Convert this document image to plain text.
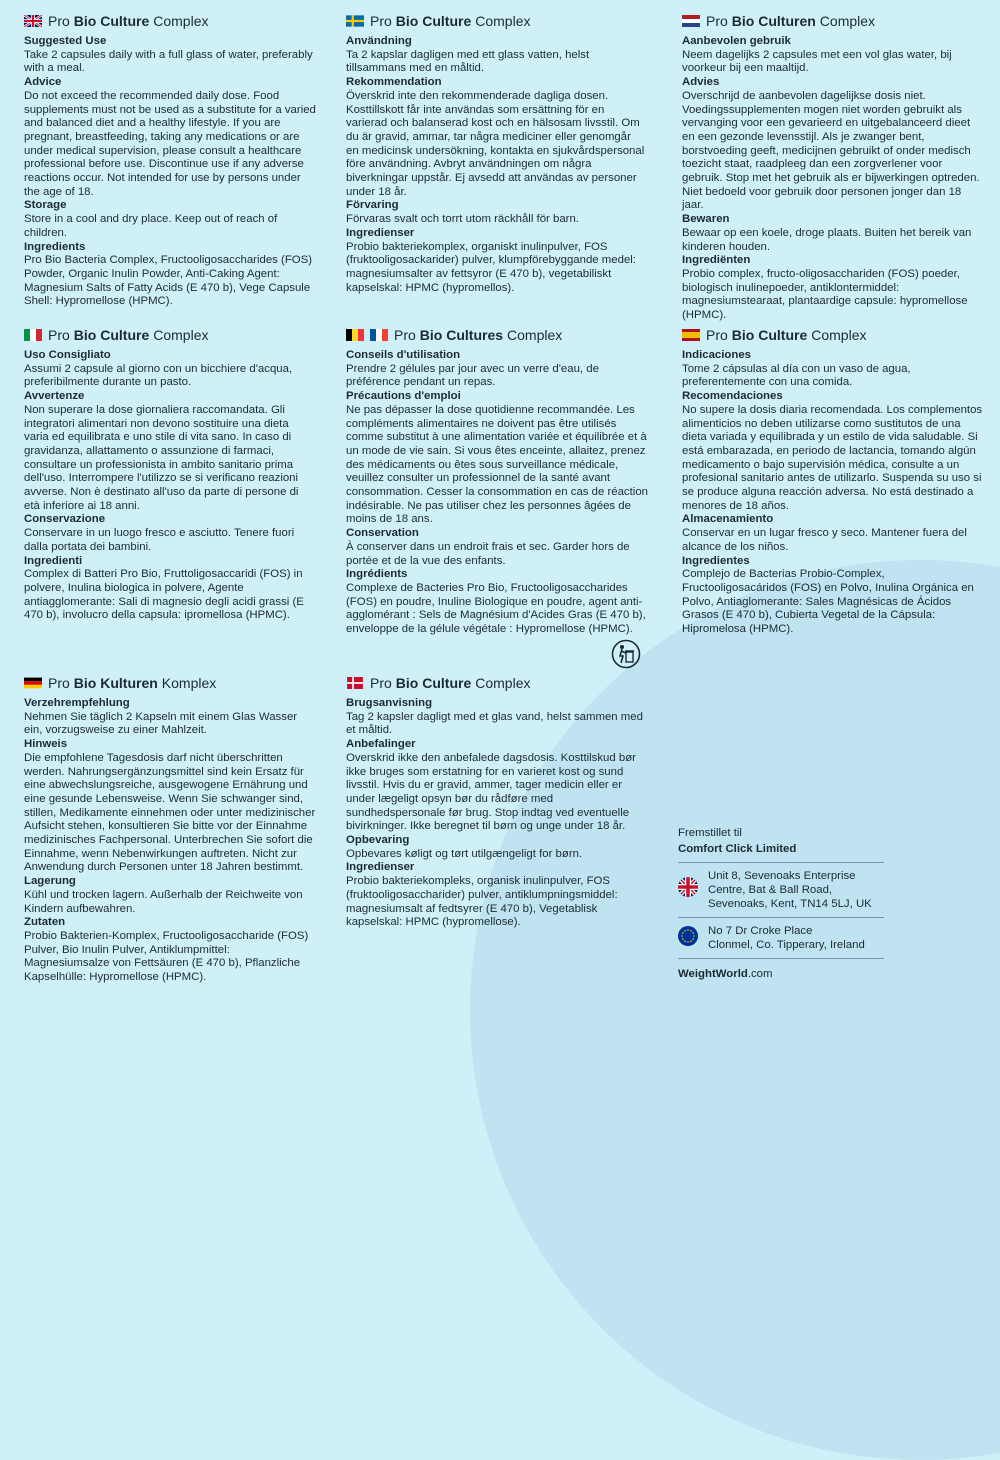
Pro Bio Culture Complex
Suggested Use

Take 2 capsules daily with a full glass of water, preferably with a meal.

Advice

Do not exceed the recommended daily dose. Food supplements must not be used as a substitute for a varied and balanced diet and a healthy lifestyle. If you are pregnant, breastfeeding, taking any medications or are under medical supervision, please consult a healthcare professional before use. Discontinue use if any adverse reactions occur. Not intended for use by persons under the age of 18.

Storage

Store in a cool and dry place. Keep out of reach of children.

Ingredients

Pro Bio Bacteria Complex, Fructooligosaccharides (FOS) Powder, Organic Inulin Powder, Anti-Caking Agent: Magnesium Salts of Fatty Acids (E 470 b), Vege Capsule Shell: Hypromellose (HPMC).

Pro Bio Culture Complex
Användning

Ta 2 kapslar dagligen med ett glass vatten, helst tillsammans med en måltid.

Rekommendation

Överskrid inte den rekommenderade dagliga dosen. Kosttillskott får inte användas som ersättning för en varierad och balanserad kost och en hälsosam livsstil. Om du är gravid, ammar, tar några mediciner eller genomgår en medicinsk undersökning, kontakta en sjukvårdspersonal före användning. Avbryt användningen om några biverkningar uppstår. Ej avsedd att användas av personer under 18 år.

Förvaring

Förvaras svalt och torrt utom räckhåll för barn.

Ingredienser

Probio bakteriekomplex, organiskt inulinpulver, FOS (fruktooligosackarider) pulver, klumpförebyggande medel: magnesiumsalter av fettsyror (E 470 b), vegetabiliskt kapselskal: HPMC (hypromellos).

Pro Bio Culturen Complex
Aanbevolen gebruik

Neem dagelijks 2 capsules met een vol glas water, bij voorkeur bij een maaltijd.

Advies

Overschrijd de aanbevolen dagelijkse dosis niet. Voedingssupplementen mogen niet worden gebruikt als vervanging voor een gevarieerd en uitgebalanceerd dieet en een gezonde levensstijl. Als je zwanger bent, borstvoeding geeft, medicijnen gebruikt of onder medisch toezicht staat, raadpleeg dan een zorgverlener voor gebruik. Stop met het gebruik als er bijwerkingen optreden. Niet bedoeld voor gebruik door personen jonger dan 18 jaar.

Bewaren

Bewaar op een koele, droge plaats. Buiten het bereik van kinderen houden.

Ingrediënten

Probio complex, fructo-oligosacchariden (FOS) poeder, biologisch inulinepoeder, antiklontermiddel: magnesiumstearaat, plantaardige capsule: hypromellose (HPMC).

Pro Bio Culture Complex
Uso Consigliato

Assumi 2 capsule al giorno con un bicchiere d'acqua, preferibilmente durante un pasto.

Avvertenze

Non superare la dose giornaliera raccomandata. Gli integratori alimentari non devono sostituire una dieta varia ed equilibrata e uno stile di vita sano. In caso di gravidanza, allattamento o assunzione di farmaci, consultare un professionista in ambito sanitario prima dell'uso. Interrompere l'utilizzo se si verificano reazioni avverse. Non è destinato all'uso da parte di persone di età inferiore ai 18 anni.

Conservazione

Conservare in un luogo fresco e asciutto. Tenere fuori dalla portata dei bambini.

Ingredienti

Complex di Batteri Pro Bio, Fruttoligosaccaridi (FOS) in polvere, Inulina biologica in polvere, Agente antiagglomerante: Sali di magnesio degli acidi grassi (E 470 b), involucro della capsula: ipromellosa (HPMC).

Pro Bio Cultures Complex
Conseils d'utilisation

Prendre 2 gélules par jour avec un verre d'eau, de préférence pendant un repas.

Précautions d'emploi

Ne pas dépasser la dose quotidienne recommandée. Les compléments alimentaires ne doivent pas être utilisés comme substitut à une alimentation variée et équilibrée et à un mode de vie sain. Si vous êtes enceinte, allaitez, prenez des médicaments ou êtes sous surveillance médicale, veuillez consulter un professionnel de la santé avant consommation. Cesser la consommation en cas de réaction indésirable. Ne pas utiliser chez les personnes âgées de moins de 18 ans.

Conservation

À conserver dans un endroit frais et sec. Garder hors de portée et de la vue des enfants.

Ingrédients

Complexe de Bacteries Pro Bio, Fructooligosaccharides (FOS) en poudre, Inuline Biologique en poudre, agent anti-agglomérant : Sels de Magnésium d'Acides Gras (E 470 b), enveloppe de la gélule végétale : Hypromellose (HPMC).

Pro Bio Culture Complex
Indicaciones

Tome 2 cápsulas al día con un vaso de agua, preferentemente con una comida.

Recomendaciones

No supere la dosis diaria recomendada. Los complementos alimenticios no deben utilizarse como sustitutos de una dieta variada y equilibrada y un estilo de vida saludable. Si está embarazada, en periodo de lactancia, tomando algún medicamento o bajo supervisión médica, consulte a un profesional sanitario antes de utilizarlo. Suspenda su uso si se produce alguna reacción adversa. No está destinado a menores de 18 años.

Almacenamiento

Conservar en un lugar fresco y seco. Mantener fuera del alcance de los niños.

Ingredientes

Complejo de Bacterias Probio-Complex, Fructooligosacáridos (FOS) en Polvo, Inulina Orgánica en Polvo, Antiaglomerante: Sales Magnésicas de Ácidos Grasos (E 470 b), Cubierta Vegetal de la Cápsula: Hipromelosa (HPMC).

Pro Bio Kulturen Komplex
Verzehrempfehlung

Nehmen Sie täglich 2 Kapseln mit einem Glas Wasser ein, vorzugsweise zu einer Mahlzeit.

Hinweis

Die empfohlene Tagesdosis darf nicht überschritten werden. Nahrungsergänzungsmittel sind kein Ersatz für eine abwechslungsreiche, ausgewogene Ernährung und eine gesunde Lebensweise. Wenn Sie schwanger sind, stillen, Medikamente einnehmen oder unter medizinischer Aufsicht stehen, konsultieren Sie bitte vor der Einnahme medizinisches Fachpersonal. Unterbrechen Sie sofort die Einnahme, wenn Nebenwirkungen auftreten. Nicht zur Anwendung durch Personen unter 18 Jahren bestimmt.

Lagerung

Kühl und trocken lagern. Außerhalb der Reichweite von Kindern aufbewahren.

Zutaten

Probio Bakterien-Komplex, Fructooligosaccharide (FOS) Pulver, Bio Inulin Pulver, Antiklumpmittel: Magnesiumsalze von Fettsäuren (E 470 b), Pflanzliche Kapselhülle: Hypromellose (HPMC).

Pro Bio Culture Complex
Brugsanvisning

Tag 2 kapsler dagligt med et glas vand, helst sammen med et måltid.

Anbefalinger

Overskrid ikke den anbefalede dagsdosis. Kosttilskud bør ikke bruges som erstatning for en varieret kost og sund livsstil. Hvis du er gravid, ammer, tager medicin eller er under lægeligt opsyn bør du rådføre med sundhedspersonale før brug. Stop indtag ved eventuelle bivirkninger. Ikke beregnet til børn og unge under 18 år.

Opbevaring

Opbevares køligt og tørt utilgængeligt for børn.

Ingredienser

Probio bakteriekompleks, organisk inulinpulver, FOS (fruktooligosaccharider) pulver, antiklumpningsmiddel: magnesiumsalt af fedtsyrer (E 470 b), Vegetablisk kapselskal: HPMC (hypromellose).

Fremstillet til
Comfort Click Limited
Unit 8, Sevenoaks Enterprise
Centre, Bat & Ball Road,
Sevenoaks, Kent, TN14 5LJ, UK
No 7 Dr Croke Place
Clonmel, Co. Tipperary, Ireland
WeightWorld.com
